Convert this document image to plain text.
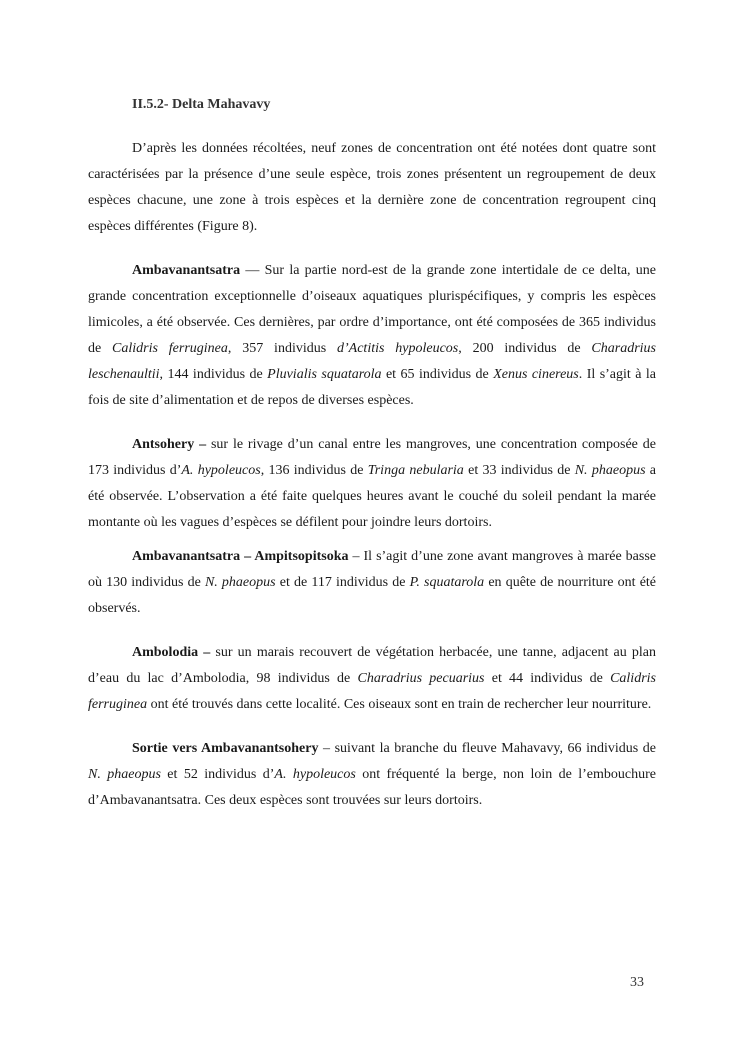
II.5.2- Delta Mahavavy

D’après les données récoltées, neuf zones de concentration ont été notées dont quatre sont caractérisées par la présence d’une seule espèce, trois zones présentent un regroupement de deux espèces chacune, une zone à trois espèces et la dernière zone de concentration regroupent cinq espèces différentes (Figure 8).

Ambavanantsatra — Sur la partie nord-est de la grande zone intertidale de ce delta, une grande concentration exceptionnelle d’oiseaux aquatiques plurispécifiques, y compris les espèces limicoles, a été observée. Ces dernières, par ordre d’importance, ont été composées de 365 individus de Calidris ferruginea, 357 individus d’Actitis hypoleucos, 200 individus de Charadrius leschenaultii, 144 individus de Pluvialis squatarola et 65 individus de Xenus cinereus. Il s’agit à la fois de site d’alimentation et de repos de diverses espèces.

Antsohery – sur le rivage d’un canal entre les mangroves, une concentration composée de 173 individus d’A. hypoleucos, 136 individus de Tringa nebularia et 33 individus de N. phaeopus a été observée. L’observation a été faite quelques heures avant le couché du soleil pendant la marée montante où les vagues d’espèces se défilent pour joindre leurs dortoirs.

Ambavanantsatra – Ampitsopitsoka – Il s’agit d’une zone avant mangroves à marée basse où 130 individus de N. phaeopus et de 117 individus de P. squatarola en quête de nourriture ont été observés.

Ambolodia – sur un marais recouvert de végétation herbacée, une tanne, adjacent au plan d’eau du lac d’Ambolodia, 98 individus de Charadrius pecuarius et 44 individus de Calidris ferruginea ont été trouvés dans cette localité. Ces oiseaux sont en train de rechercher leur nourriture.

Sortie vers Ambavanantsohery – suivant la branche du fleuve Mahavavy, 66 individus de N. phaeopus et 52 individus d’A. hypoleucos ont fréquenté la berge, non loin de l’embouchure d’Ambavanantsatra. Ces deux espèces sont trouvées sur leurs dortoirs.

33
